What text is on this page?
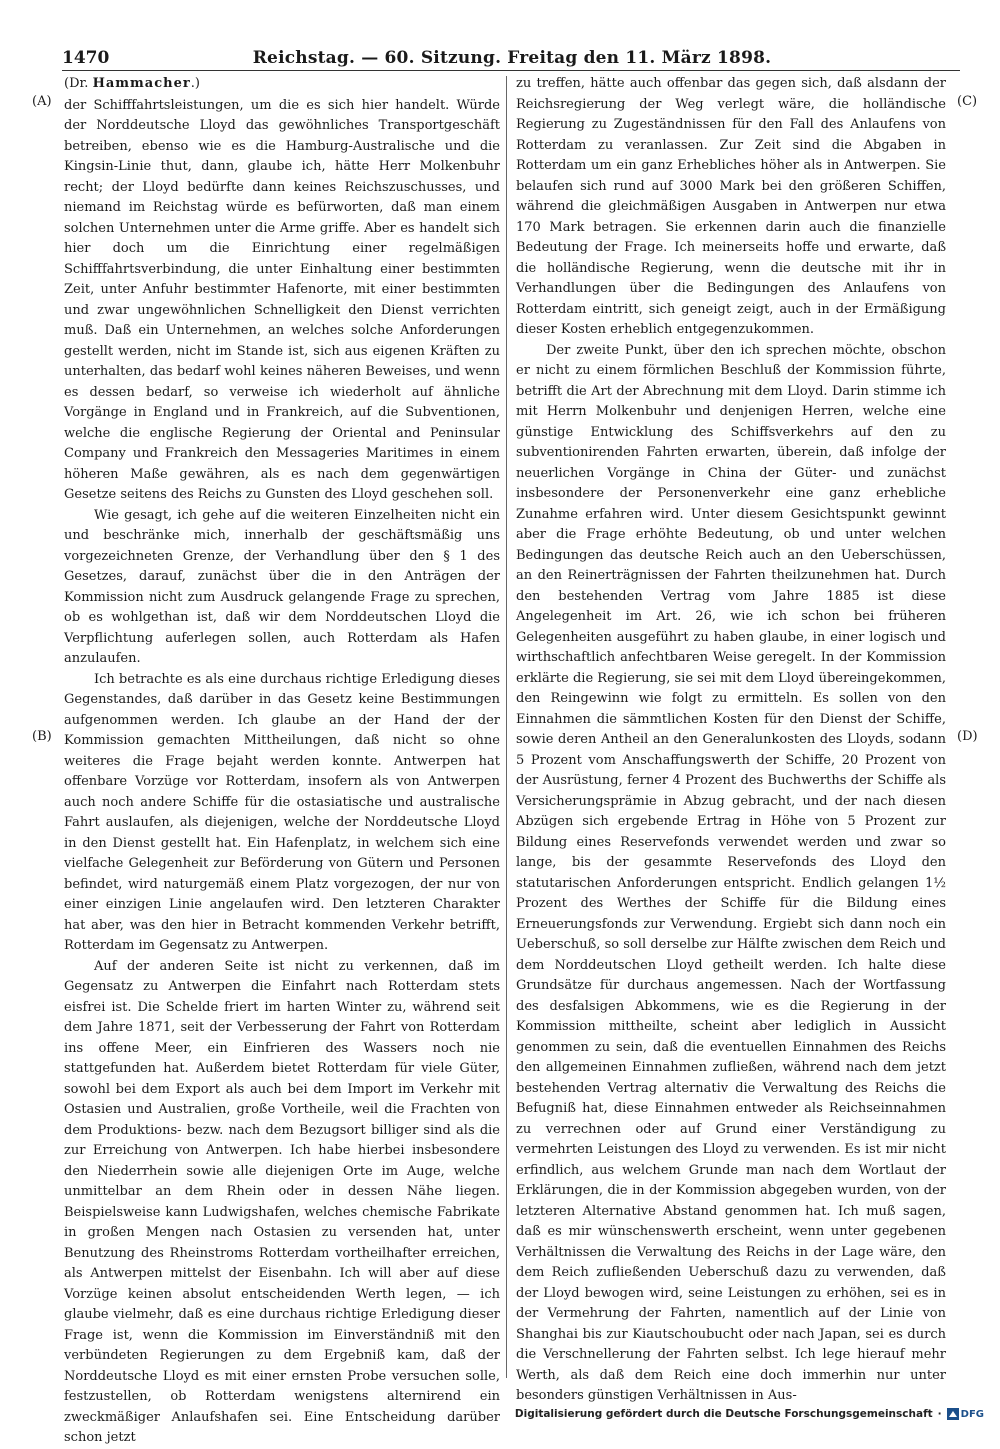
1470	Reichstag. — 60. Sitzung. Freitag den 11. März 1898.
(A)
(B)
(C)
(D)
(Dr. Hammacher.)

der Schifffahrtsleistungen, um die es sich hier handelt. Würde der Norddeutsche Lloyd das gewöhnliches Transportgeschäft betreiben, ebenso wie es die Hamburg-Australische und die Kingsin-Linie thut, dann, glaube ich, hätte Herr Molkenbuhr recht; der Lloyd bedürfte dann keines Reichszuschusses, und niemand im Reichstag würde es befürworten, daß man einem solchen Unternehmen unter die Arme griffe. Aber es handelt sich hier doch um die Einrichtung einer regelmäßigen Schifffahrtsverbindung, die unter Einhaltung einer bestimmten Zeit, unter Anfuhr bestimmter Hafenorte, mit einer bestimmten und zwar ungewöhnlichen Schnelligkeit den Dienst verrichten muß. Daß ein Unternehmen, an welches solche Anforderungen gestellt werden, nicht im Stande ist, sich aus eigenen Kräften zu unterhalten, das bedarf wohl keines näheren Beweises, und wenn es dessen bedarf, so verweise ich wiederholt auf ähnliche Vorgänge in England und in Frankreich, auf die Subventionen, welche die englische Regierung der Oriental and Peninsular Company und Frankreich den Messageries Maritimes in einem höheren Maße gewähren, als es nach dem gegenwärtigen Gesetze seitens des Reichs zu Gunsten des Lloyd geschehen soll.

Wie gesagt, ich gehe auf die weiteren Einzelheiten nicht ein und beschränke mich, innerhalb der geschäftsmäßig uns vorgezeichneten Grenze, der Verhandlung über den § 1 des Gesetzes, darauf, zunächst über die in den Anträgen der Kommission nicht zum Ausdruck gelangende Frage zu sprechen, ob es wohlgethan ist, daß wir dem Norddeutschen Lloyd die Verpflichtung auferlegen sollen, auch Rotterdam als Hafen anzulaufen.

Ich betrachte es als eine durchaus richtige Erledigung dieses Gegenstandes, daß darüber in das Gesetz keine Bestimmungen aufgenommen werden. Ich glaube an der Hand der der Kommission gemachten Mittheilungen, daß nicht so ohne weiteres die Frage bejaht werden konnte. Antwerpen hat offenbare Vorzüge vor Rotterdam, insofern als von Antwerpen auch noch andere Schiffe für die ostasiatische und australische Fahrt auslaufen, als diejenigen, welche der Norddeutsche Lloyd in den Dienst gestellt hat. Ein Hafenplatz, in welchem sich eine vielfache Gelegenheit zur Beförderung von Gütern und Personen befindet, wird naturgemäß einem Platz vorgezogen, der nur von einer einzigen Linie angelaufen wird. Den letzteren Charakter hat aber, was den hier in Betracht kommenden Verkehr betrifft, Rotterdam im Gegensatz zu Antwerpen.

Auf der anderen Seite ist nicht zu verkennen, daß im Gegensatz zu Antwerpen die Einfahrt nach Rotterdam stets eisfrei ist. Die Schelde friert im harten Winter zu, während seit dem Jahre 1871, seit der Verbesserung der Fahrt von Rotterdam ins offene Meer, ein Einfrieren des Wassers noch nie stattgefunden hat. Außerdem bietet Rotterdam für viele Güter, sowohl bei dem Export als auch bei dem Import im Verkehr mit Ostasien und Australien, große Vortheile, weil die Frachten von dem Produktions- bezw. nach dem Bezugsort billiger sind als die zur Erreichung von Antwerpen. Ich habe hierbei insbesondere den Niederrhein sowie alle diejenigen Orte im Auge, welche unmittelbar an dem Rhein oder in dessen Nähe liegen. Beispielsweise kann Ludwigshafen, welches chemische Fabrikate in großen Mengen nach Ostasien zu versenden hat, unter Benutzung des Rheinstroms Rotterdam vortheilhafter erreichen, als Antwerpen mittelst der Eisenbahn. Ich will aber auf diese Vorzüge keinen absolut entscheidenden Werth legen, — ich glaube vielmehr, daß es eine durchaus richtige Erledigung dieser Frage ist, wenn die Kommission im Einverständniß mit den verbündeten Regierungen zu dem Ergebniß kam, daß der Norddeutsche Lloyd es mit einer ernsten Probe versuchen solle, festzustellen, ob Rotterdam wenigstens alternirend ein zweckmäßiger Anlaufshafen sei. Eine Entscheidung darüber schon jetzt

zu treffen, hätte auch offenbar das gegen sich, daß alsdann der Reichsregierung der Weg verlegt wäre, die holländische Regierung zu Zugeständnissen für den Fall des Anlaufens von Rotterdam zu veranlassen. Zur Zeit sind die Abgaben in Rotterdam um ein ganz Erhebliches höher als in Antwerpen. Sie belaufen sich rund auf 3000 Mark bei den größeren Schiffen, während die gleichmäßigen Ausgaben in Antwerpen nur etwa 170 Mark betragen. Sie erkennen darin auch die finanzielle Bedeutung der Frage. Ich meinerseits hoffe und erwarte, daß die holländische Regierung, wenn die deutsche mit ihr in Verhandlungen über die Bedingungen des Anlaufens von Rotterdam eintritt, sich geneigt zeigt, auch in der Ermäßigung dieser Kosten erheblich entgegenzukommen.

Der zweite Punkt, über den ich sprechen möchte, obschon er nicht zu einem förmlichen Beschluß der Kommission führte, betrifft die Art der Abrechnung mit dem Lloyd. Darin stimme ich mit Herrn Molkenbuhr und denjenigen Herren, welche eine günstige Entwicklung des Schiffsverkehrs auf den zu subventionirenden Fahrten erwarten, überein, daß infolge der neuerlichen Vorgänge in China der Güter- und zunächst insbesondere der Personenverkehr eine ganz erhebliche Zunahme erfahren wird. Unter diesem Gesichtspunkt gewinnt aber die Frage erhöhte Bedeutung, ob und unter welchen Bedingungen das deutsche Reich auch an den Ueberschüssen, an den Reinerträgnissen der Fahrten theilzunehmen hat. Durch den bestehenden Vertrag vom Jahre 1885 ist diese Angelegenheit im Art. 26, wie ich schon bei früheren Gelegenheiten ausgeführt zu haben glaube, in einer logisch und wirthschaftlich anfechtbaren Weise geregelt. In der Kommission erklärte die Regierung, sie sei mit dem Lloyd übereingekommen, den Reingewinn wie folgt zu ermitteln. Es sollen von den Einnahmen die sämmtlichen Kosten für den Dienst der Schiffe, sowie deren Antheil an den Generalunkosten des Lloyds, sodann 5 Prozent vom Anschaffungswerth der Schiffe, 20 Prozent von der Ausrüstung, ferner 4 Prozent des Buchwerths der Schiffe als Versicherungsprämie in Abzug gebracht, und der nach diesen Abzügen sich ergebende Ertrag in Höhe von 5 Prozent zur Bildung eines Reservefonds verwendet werden und zwar so lange, bis der gesammte Reservefonds des Lloyd den statutarischen Anforderungen entspricht. Endlich gelangen 1½ Prozent des Werthes der Schiffe für die Bildung eines Erneuerungsfonds zur Verwendung. Ergiebt sich dann noch ein Ueberschuß, so soll derselbe zur Hälfte zwischen dem Reich und dem Norddeutschen Lloyd getheilt werden. Ich halte diese Grundsätze für durchaus angemessen. Nach der Wortfassung des desfalsigen Abkommens, wie es die Regierung in der Kommission mittheilte, scheint aber lediglich in Aussicht genommen zu sein, daß die eventuellen Einnahmen des Reichs den allgemeinen Einnahmen zufließen, während nach dem jetzt bestehenden Vertrag alternativ die Verwaltung des Reichs die Befugniß hat, diese Einnahmen entweder als Reichseinnahmen zu verrechnen oder auf Grund einer Verständigung zu vermehrten Leistungen des Lloyd zu verwenden. Es ist mir nicht erfindlich, aus welchem Grunde man nach dem Wortlaut der Erklärungen, die in der Kommission abgegeben wurden, von der letzteren Alternative Abstand genommen hat. Ich muß sagen, daß es mir wünschenswerth erscheint, wenn unter gegebenen Verhältnissen die Verwaltung des Reichs in der Lage wäre, den dem Reich zufließenden Ueberschuß dazu zu verwenden, daß der Lloyd bewogen wird, seine Leistungen zu erhöhen, sei es in der Vermehrung der Fahrten, namentlich auf der Linie von Shanghai bis zur Kiautschoubucht oder nach Japan, sei es durch die Verschnellerung der Fahrten selbst. Ich lege hierauf mehr Werth, als daß dem Reich eine doch immerhin nur unter besonders günstigen Verhältnissen in Aus-

Digitalisierung gefördert durch die Deutsche Forschungsgemeinschaft · DFG
